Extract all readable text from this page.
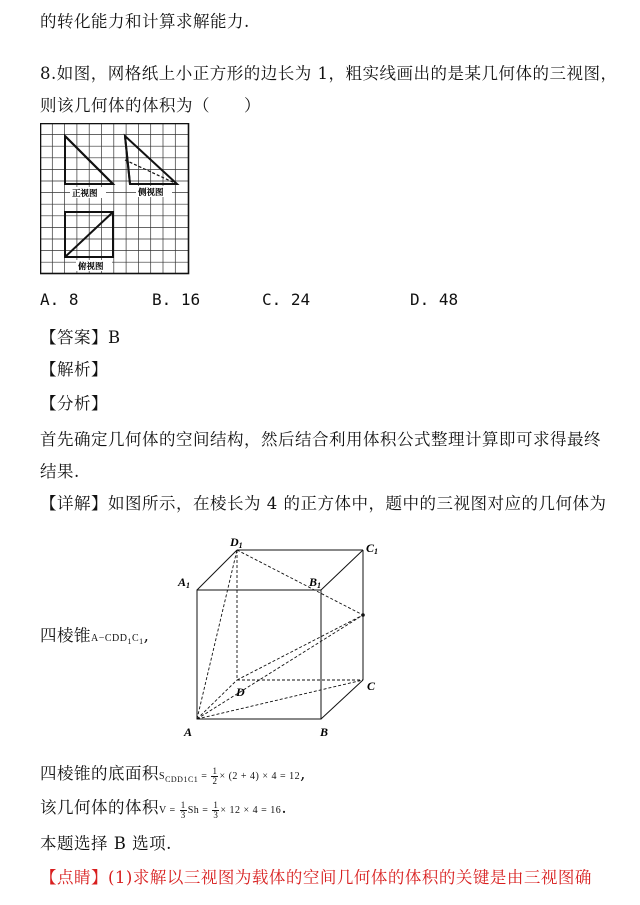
的转化能力和计算求解能力.
8.如图，网格纸上小正方形的边长为 1，粗实线画出的是某几何体的三视图，
则该几何体的体积为（　　）
正视图	侧视图
俯视图
A. 8	B. 16	C. 24	D. 48
【答案】B
【解析】
【分析】
首先确定几何体的空间结构，然后结合利用体积公式整理计算即可求得最终
结果.
【详解】如图所示，在棱长为 4 的正方体中，题中的三视图对应的几何体为
D1	C1
A1	B1
D	C
A	B
四棱锥$A-CDD_1C_1$,
四棱锥的底面积$S_{CDD1C1} = \frac{1}{2} \times (2 + 4) \times 4 = 12$,
该几何体的体积$V = \frac{1}{3}$ $Sh = \frac{1}{3} \times 12 \times 4 = 16$.
本题选择 B 选项.
【点睛】(1)求解以三视图为载体的空间几何体的体积的关键是由三视图确
